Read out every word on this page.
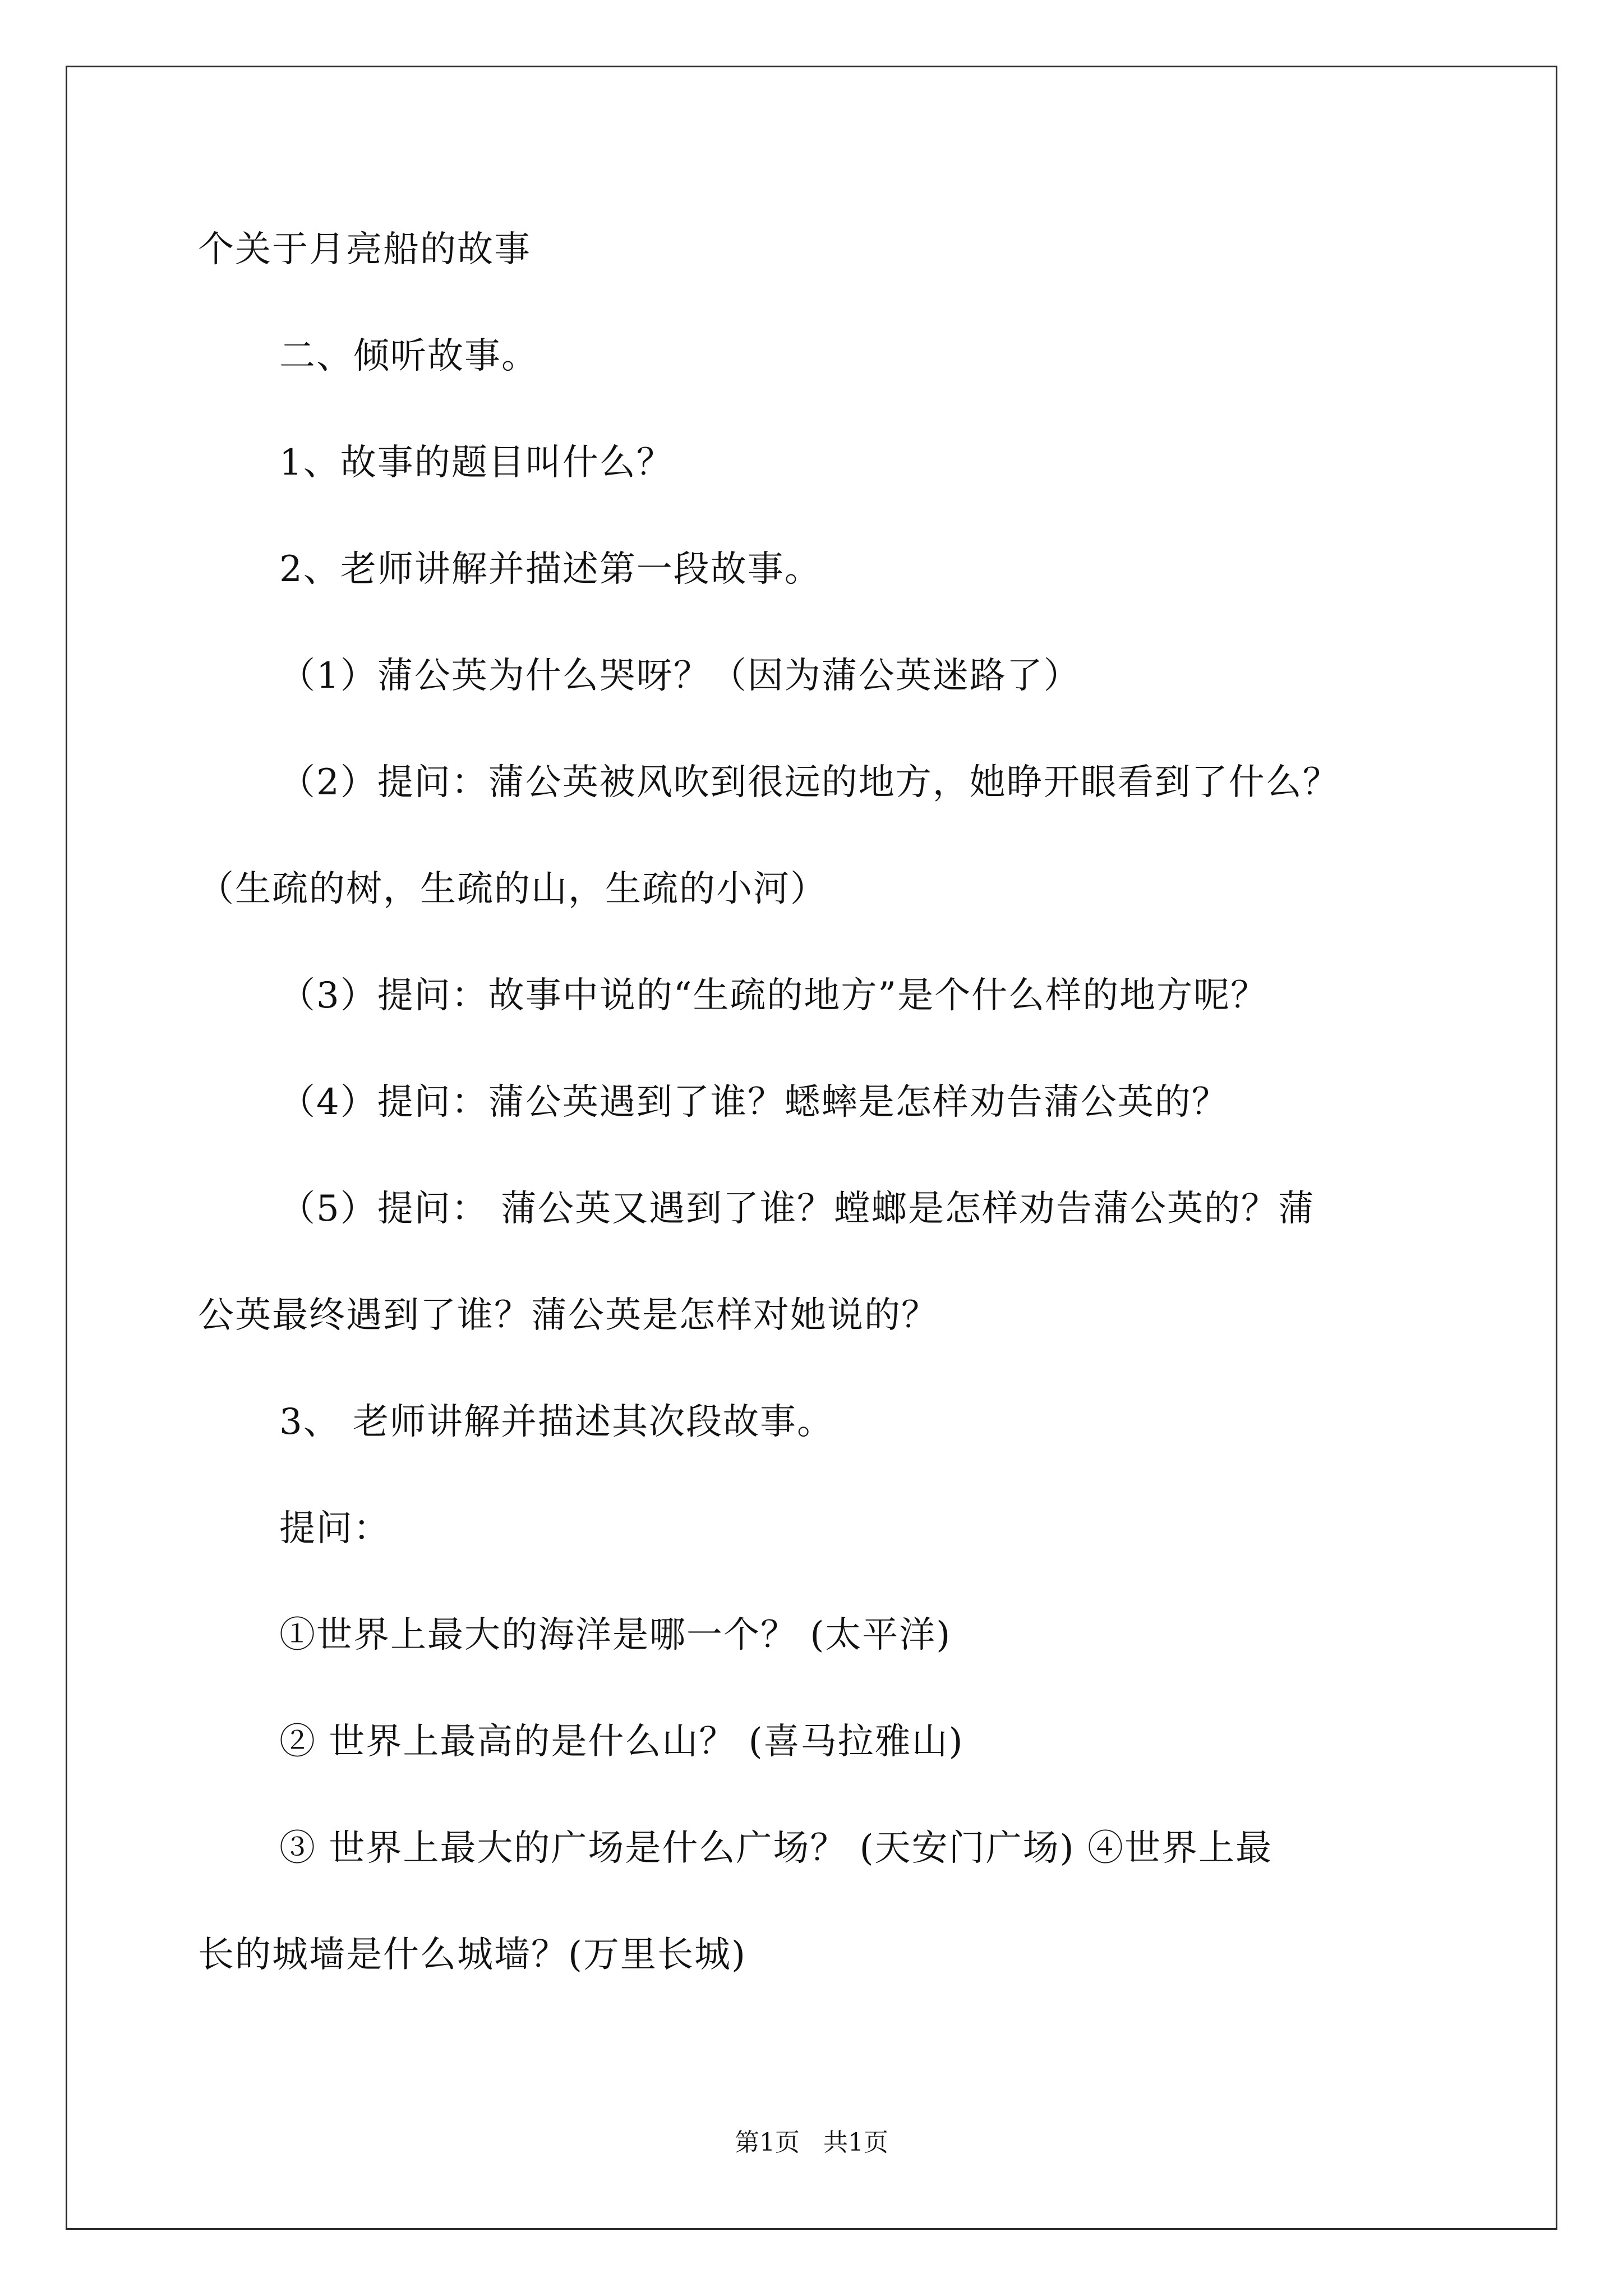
个关于月亮船的故事
二、倾听故事。
1、故事的题目叫什么？
2、老师讲解并描述第一段故事。
（1）蒲公英为什么哭呀？（因为蒲公英迷路了）
（2）提问：蒲公英被风吹到很远的地方，她睁开眼看到了什么？
（生疏的树，生疏的山，生疏的小河）
（3）提问：故事中说的“生疏的地方”是个什么样的地方呢？
（4）提问：蒲公英遇到了谁？蟋蟀是怎样劝告蒲公英的？
（5）提问： 蒲公英又遇到了谁？螳螂是怎样劝告蒲公英的？蒲
公英最终遇到了谁？蒲公英是怎样对她说的？
3、 老师讲解并描述其次段故事。
提问：
①世界上最大的海洋是哪一个？ (太平洋)
② 世界上最高的是什么山？ (喜马拉雅山)
③ 世界上最大的广场是什么广场？ (天安门广场) ④世界上最
长的城墙是什么城墙？(万里长城)
第1页   共1页
